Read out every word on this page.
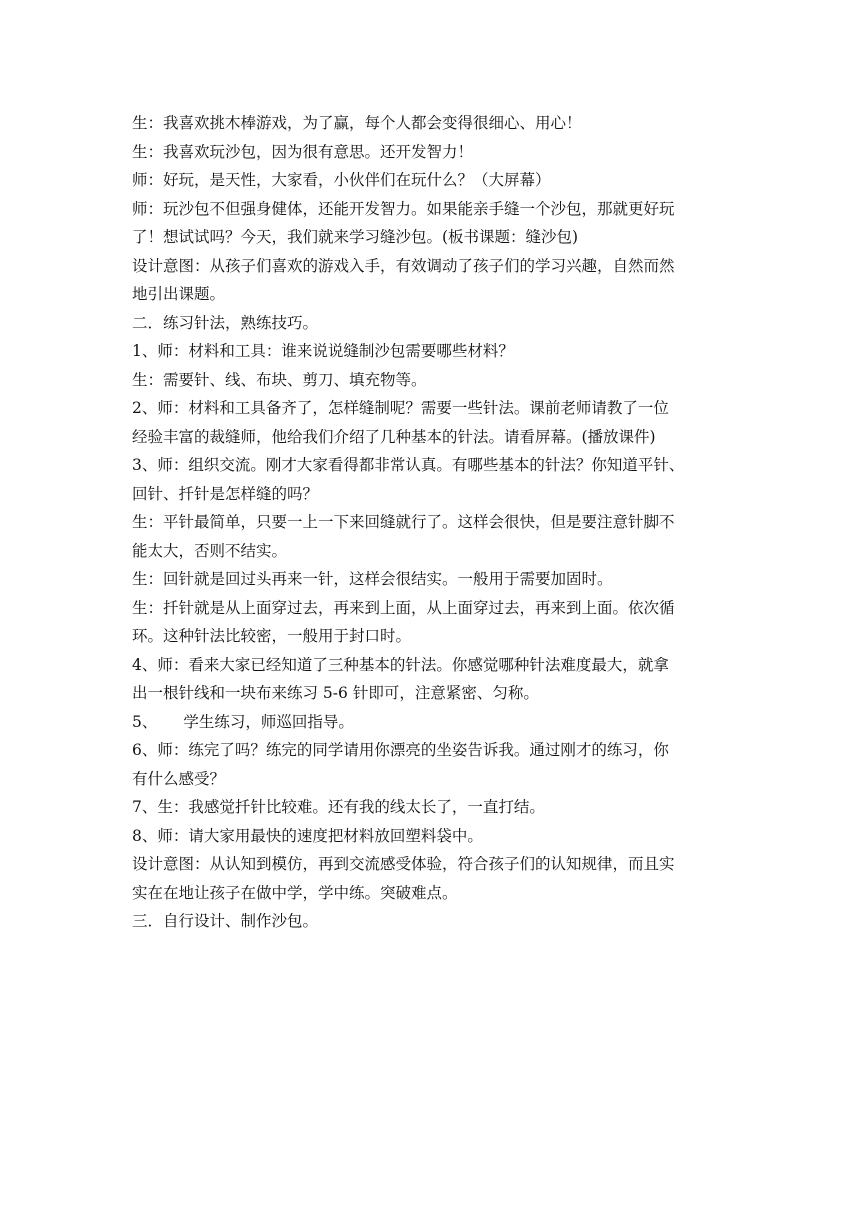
生：我喜欢挑木棒游戏，为了赢，每个人都会变得很细心、用心！

生：我喜欢玩沙包，因为很有意思。还开发智力！

师：好玩，是天性，大家看，小伙伴们在玩什么？（大屏幕）

师：玩沙包不但强身健体，还能开发智力。如果能亲手缝一个沙包，那就更好玩

了！想试试吗？今天，我们就来学习缝沙包。(板书课题：缝沙包)

设计意图：从孩子们喜欢的游戏入手，有效调动了孩子们的学习兴趣，自然而然

地引出课题。

二．练习针法，熟练技巧。

1、师：材料和工具：谁来说说缝制沙包需要哪些材料？

生：需要针、线、布块、剪刀、填充物等。

2、师：材料和工具备齐了，怎样缝制呢？需要一些针法。课前老师请教了一位

经验丰富的裁缝师，他给我们介绍了几种基本的针法。请看屏幕。(播放课件)

3、师：组织交流。刚才大家看得都非常认真。有哪些基本的针法？你知道平针、

回针、扦针是怎样缝的吗？

生：平针最简单，只要一上一下来回缝就行了。这样会很快，但是要注意针脚不

能太大，否则不结实。

生：回针就是回过头再来一针，这样会很结实。一般用于需要加固时。

生：扦针就是从上面穿过去，再来到上面，从上面穿过去，再来到上面。依次循

环。这种针法比较密，一般用于封口时。

4、师：看来大家已经知道了三种基本的针法。你感觉哪种针法难度最大，就拿

出一根针线和一块布来练习 5-6 针即可，注意紧密、匀称。

5、 学生练习，师巡回指导。

6、师：练完了吗？练完的同学请用你漂亮的坐姿告诉我。通过刚才的练习，你

有什么感受？

7、生：我感觉扦针比较难。还有我的线太长了，一直打结。

8、师：请大家用最快的速度把材料放回塑料袋中。

设计意图：从认知到模仿，再到交流感受体验，符合孩子们的认知规律，而且实

实在在地让孩子在做中学，学中练。突破难点。

三．自行设计、制作沙包。
